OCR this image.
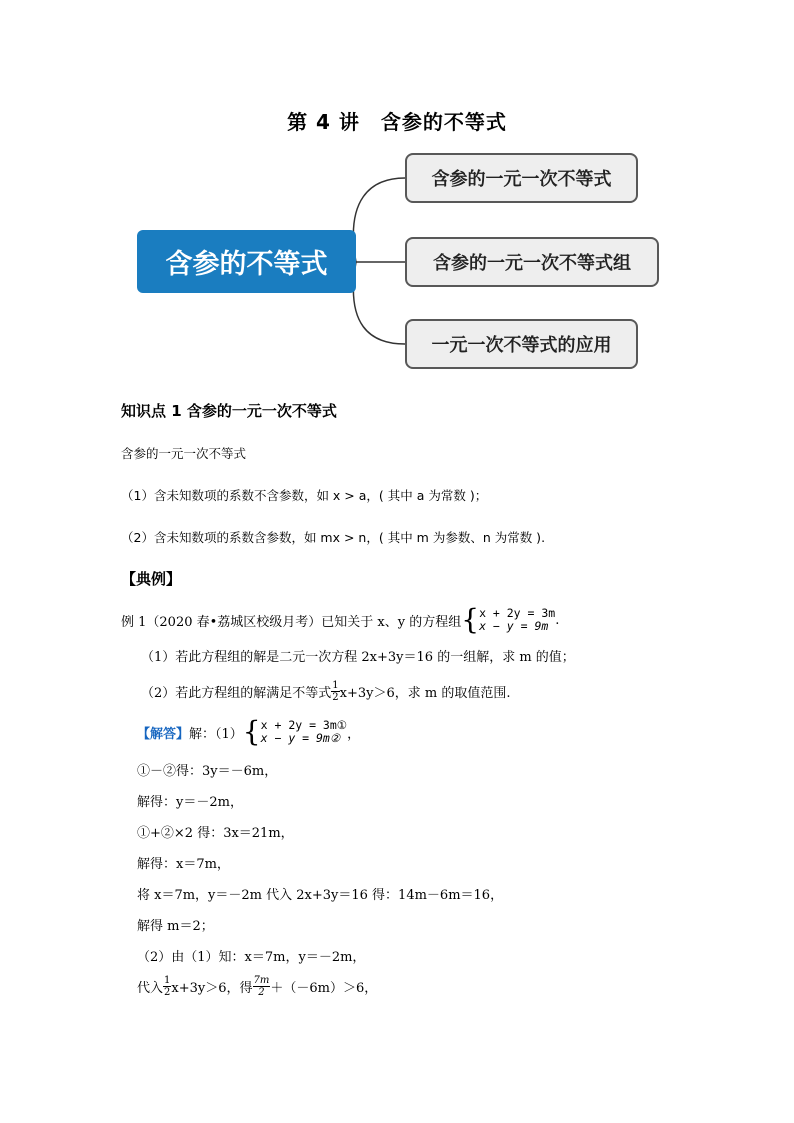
第 4 讲　含参的不等式
含参的不等式
含参的一元一次不等式
含参的一元一次不等式组
一元一次不等式的应用
知识点 1 含参的一元一次不等式
含参的一元一次不等式
（1）含未知数项的系数不含参数，如 x > a，( 其中 a 为常数 )；
（2）含未知数项的系数含参数，如 mx > n，( 其中 m 为参数、n 为常数 ).
【典例】
例 1（2020 春•荔城区校级月考）已知关于 x、y 的方程组 { x + 2y = 3m
x − y = 9m .
（1）若此方程组的解是二元一次方程 2x+3y＝16 的一组解，求 m 的值；
（2）若此方程组的解满足不等式 $\frac{1}{2} x+3y>6$，求 m 的取值范围.
【解答】 解：（1） { x + 2y = 3m①
x − y = 9m② ，
①－②得：3y＝－6m，
解得：y＝－2m，
①+②×2 得：3x＝21m，
解得：x＝7m，
将 x＝7m，y＝－2m 代入 2x+3y＝16 得：14m－6m＝16，
解得 m＝2；
（2）由（1）知：x＝7m，y＝－2m，
代入 $\frac{1}{2} x+3y>6$，得 $\frac{7m}{2} +(-6m)>6$，
